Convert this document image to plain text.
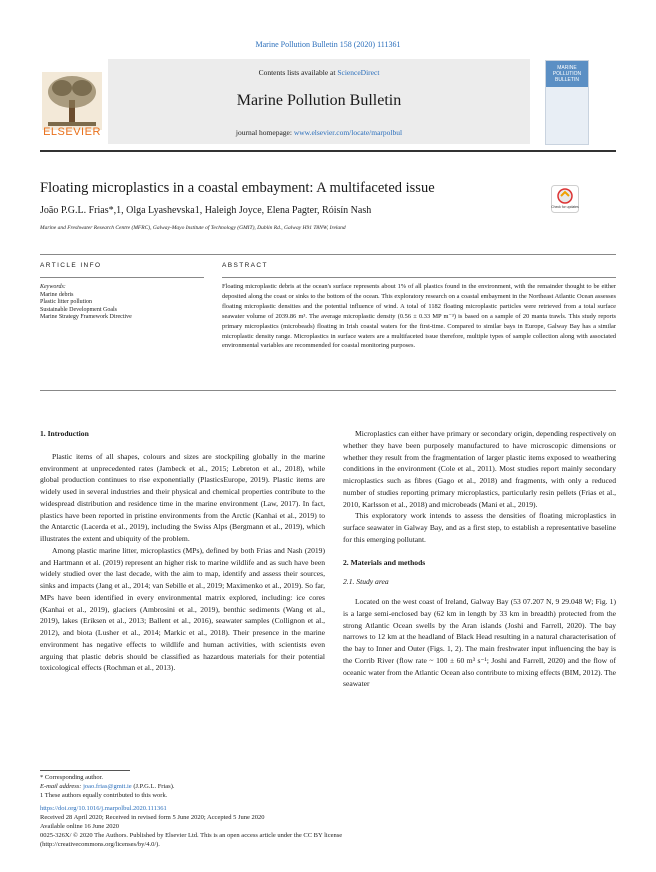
Marine Pollution Bulletin 158 (2020) 111361
Contents lists available at ScienceDirect
Marine Pollution Bulletin
journal homepage: www.elsevier.com/locate/marpolbul
ELSEVIER
MARINE POLLUTION BULLETIN
Floating microplastics in a coastal embayment: A multifaceted issue
João P.G.L. Frias*,1, Olga Lyashevska1, Haleigh Joyce, Elena Pagter, Róisín Nash
Marine and Freshwater Research Centre (MFRC), Galway-Mayo Institute of Technology (GMIT), Dublin Rd., Galway H91 T8NW, Ireland
Check for updates
ARTICLE INFO	ABSTRACT
Keywords:
Marine debris
Plastic litter pollution
Sustainable Development Goals
Marine Strategy Framework Directive
Floating microplastic debris at the ocean's surface represents about 1% of all plastics found in the environment, with the remainder thought to be either deposited along the coast or sinks to the bottom of the ocean. This exploratory research on a coastal embayment in the Northeast Atlantic Ocean assesses floating microplastic densities and the potential influence of wind. A total of 1182 floating microplastic particles were retrieved from a total surface seawater volume of 2039.86 m³. The average microplastic density (0.56 ± 0.33 MP m⁻³) is based on a sample of 20 manta trawls. This study reports primary microplastics (microbeads) floating in Irish coastal waters for the first-time. Compared to similar bays in Europe, Galway Bay has a similar microplastic density range. Microplastics in surface waters are a multifaceted issue therefore, multiple types of sample collection along with associated environmental variables are recommended for coastal monitoring purposes.

1. Introduction

Plastic items of all shapes, colours and sizes are stockpiling globally in the marine environment at unprecedented rates (Jambeck et al., 2015; Lebreton et al., 2018), while global production continues to rise exponentially (PlasticsEurope, 2019). Plastic items are widely used in several industries and their physical and chemical properties contribute to the widespread distribution and residence time in the marine environment (Law, 2017). In fact, plastics have been reported in pristine environments from the Arctic (Kanhai et al., 2019) to the Antarctic (Lacerda et al., 2019), including the Swiss Alps (Bergmann et al., 2019), which illustrates the extent and ubiquity of the problem.

Among plastic marine litter, microplastics (MPs), defined by both Frias and Nash (2019) and Hartmann et al. (2019) represent an higher risk to marine wildlife and as such have been widely studied over the last decade, with the aim to map, identify and assess their sources, sinks and impacts (Jang et al., 2014; van Sebille et al., 2019; Maximenko et al., 2019). So far, MPs have been identified in every environmental matrix explored, including: ice cores (Kanhai et al., 2019), glaciers (Ambrosini et al., 2019), benthic sediments (Wang et al., 2019), lakes (Eriksen et al., 2013; Ballent et al., 2016), seawater samples (Collignon et al., 2012), and biota (Lusher et al., 2014; Markic et al., 2018). Their presence in the marine environment has negative effects to wildlife and human activities, with scientists even arguing that plastic debris should be classified as hazardous materials for their potential toxicological effects (Rochman et al., 2013).

Microplastics can either have primary or secondary origin, depending respectively on whether they have been purposely manufactured to have microscopic dimensions or whether they result from the fragmentation of larger plastic items exposed to weathering conditions in the environment (Cole et al., 2011). Most studies report mainly secondary microplastics such as fibres (Gago et al., 2018) and fragments, with only a reduced number of studies reporting primary microplastics, particularly resin pellets (Frias et al., 2010, Karlsson et al., 2018) and microbeads (Mani et al., 2019).

This exploratory work intends to assess the densities of floating microplastics in surface seawater in Galway Bay, and as a first step, to establish a representative baseline for this emerging pollutant.

2. Materials and methods

2.1. Study area

Located on the west coast of Ireland, Galway Bay (53 07.207 N, 9 29.048 W; Fig. 1) is a large semi-enclosed bay (62 km in length by 33 km in breadth) protected from the strong Atlantic Ocean swells by the Aran islands (Joshi and Farrell, 2020). The bay narrows to 12 km at the headland of Black Head resulting in a natural characterisation of the bay to Inner and Outer (Figs. 1, 2). The main freshwater input influencing the bay is the Corrib River (flow rate ~ 100 ± 60 m³ s⁻¹; Joshi and Farrell, 2020) and the flow of oceanic water from the Atlantic Ocean also contribute to mixing effects (BIM, 2012). The seawater

* Corresponding author.
E-mail address: joao.frias@gmit.ie (J.P.G.L. Frias).
1 These authors equally contributed to this work.
https://doi.org/10.1016/j.marpolbul.2020.111361
Received 28 April 2020; Received in revised form 5 June 2020; Accepted 5 June 2020
Available online 16 June 2020
0025-326X/ © 2020 The Authors. Published by Elsevier Ltd. This is an open access article under the CC BY license
(http://creativecommons.org/licenses/by/4.0/).
